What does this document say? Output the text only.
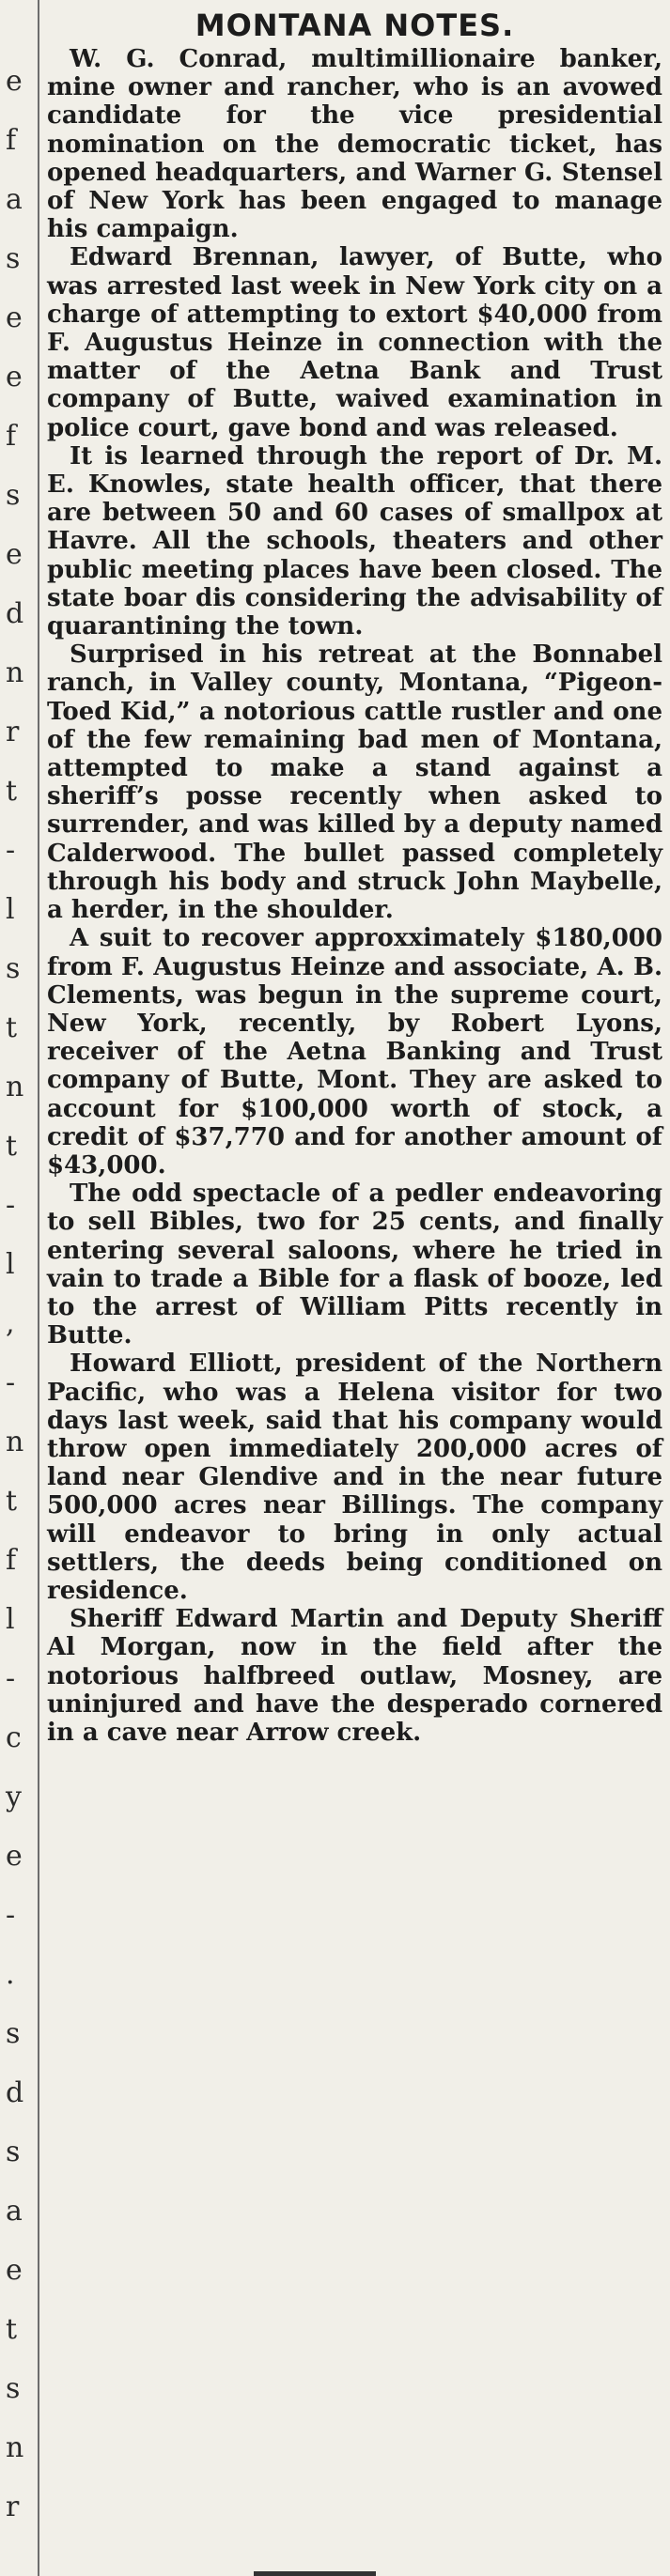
e
f
a
s
e
e
f
s
e
d
n
r
t
-
l
s
t
n
t
-
l
,
-
n
t
f
l
-
c
y
e
-
.
s
d
s
a
e
t
s
n
r
MONTANA NOTES.

W. G. Conrad, multimillionaire banker, mine owner and rancher, who is an avowed candidate for the vice presidential nomination on the democratic ticket, has opened headquarters, and Warner G. Stensel of New York has been engaged to manage his campaign.

Edward Brennan, lawyer, of Butte, who was arrested last week in New York city on a charge of attempting to extort $40,000 from F. Augustus Heinze in connection with the matter of the Aetna Bank and Trust company of Butte, waived examination in police court, gave bond and was released.

It is learned through the report of Dr. M. E. Knowles, state health officer, that there are between 50 and 60 cases of smallpox at Havre. All the schools, theaters and other public meeting places have been closed. The state boar dis considering the advisability of quarantining the town.

Surprised in his retreat at the Bonnabel ranch, in Valley county, Montana, “Pigeon-Toed Kid,” a notorious cattle rustler and one of the few remaining bad men of Montana, attempted to make a stand against a sheriff’s posse recently when asked to surrender, and was killed by a deputy named Calderwood. The bullet passed completely through his body and struck John Maybelle, a herder, in the shoulder.

A suit to recover approxximately $180,000 from F. Augustus Heinze and associate, A. B. Clements, was begun in the supreme court, New York, recently, by Robert Lyons, receiver of the Aetna Banking and Trust company of Butte, Mont. They are asked to account for $100,000 worth of stock, a credit of $37,770 and for another amount of $43,000.

The odd spectacle of a pedler endeavoring to sell Bibles, two for 25 cents, and finally entering several saloons, where he tried in vain to trade a Bible for a flask of booze, led to the arrest of William Pitts recently in Butte.

Howard Elliott, president of the Northern Pacific, who was a Helena visitor for two days last week, said that his company would throw open immediately 200,000 acres of land near Glendive and in the near future 500,000 acres near Billings. The company will endeavor to bring in only actual settlers, the deeds being conditioned on residence.

Sheriff Edward Martin and Deputy Sheriff Al Morgan, now in the field after the notorious halfbreed outlaw, Mosney, are uninjured and have the desperado cornered in a cave near Arrow creek.
